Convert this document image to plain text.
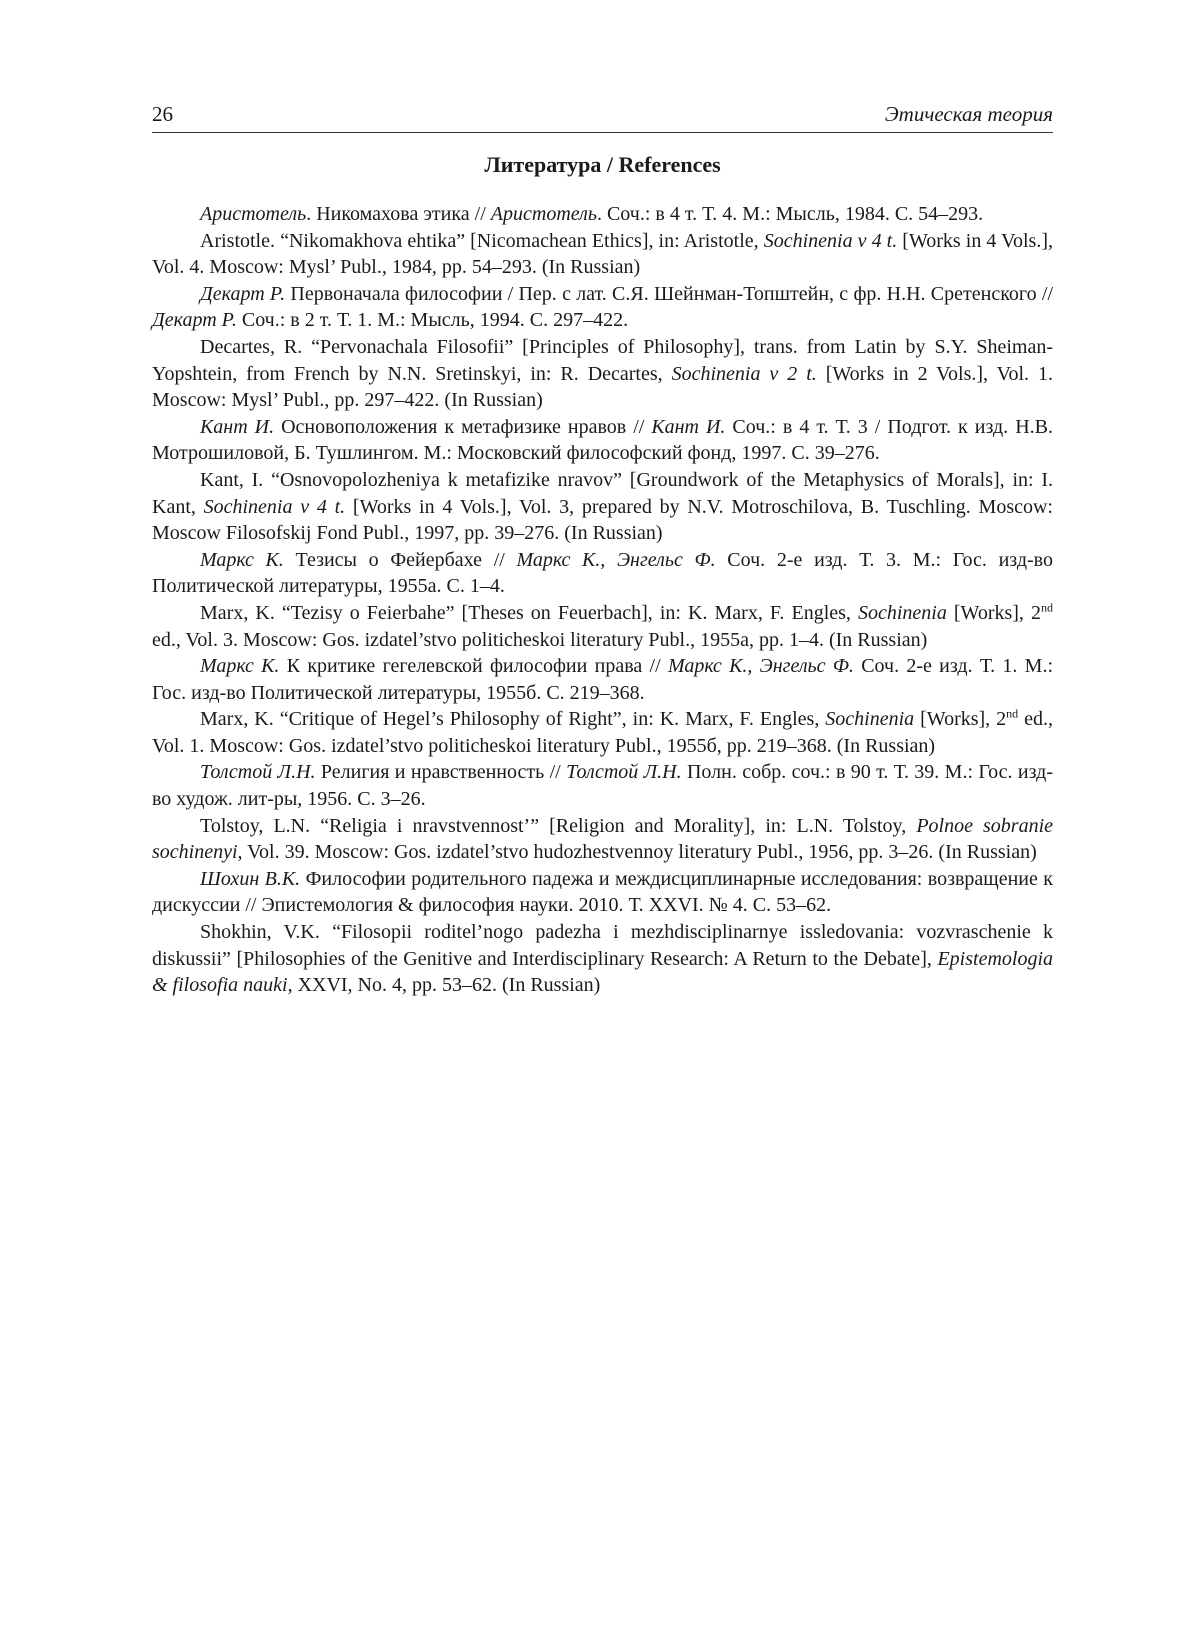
26	Этическая теория
Литература / References

Аристотель. Никомахова этика // Аристотель. Соч.: в 4 т. Т. 4. М.: Мысль, 1984. С. 54–293.

Aristotle. “Nikomakhova ehtika” [Nicomachean Ethics], in: Aristotle, Sochinenia v 4 t. [Works in 4 Vols.], Vol. 4. Moscow: Mysl’ Publ., 1984, pp. 54–293. (In Russian)

Декарт Р. Первоначала философии / Пер. с лат. С.Я. Шейнман-Топштейн, с фр. Н.Н. Сретенского // Декарт Р. Соч.: в 2 т. Т. 1. М.: Мысль, 1994. С. 297–422.

Decartes, R. “Pervonachala Filosofii” [Principles of Philosophy], trans. from Latin by S.Y. Sheiman-Yopshtein, from French by N.N. Sretinskyi, in: R. Decartes, Sochinenia v 2 t. [Works in 2 Vols.], Vol. 1. Moscow: Mysl’ Publ., pp. 297–422. (In Russian)

Кант И. Основоположения к метафизике нравов // Кант И. Соч.: в 4 т. Т. 3 / Подгот. к изд. Н.В. Мотрошиловой, Б. Тушлингом. М.: Московский философский фонд, 1997. С. 39–276.

Kant, I. “Osnovopolozheniya k metafizike nravov” [Groundwork of the Metaphysics of Morals], in: I. Kant, Sochinenia v 4 t. [Works in 4 Vols.], Vol. 3, prepared by N.V. Motroschilova, B. Tuschling. Moscow: Moscow Filosofskij Fond Publ., 1997, pp. 39–276. (In Russian)

Маркс К. Тезисы о Фейербахе // Маркс К., Энгельс Ф. Соч. 2-е изд. Т. 3. М.: Гос. изд-во Политической литературы, 1955а. С. 1–4.

Marx, K. “Tezisy o Feierbahe” [Theses on Feuerbach], in: K. Marx, F. Engles, Sochinenia [Works], 2nd ed., Vol. 3. Moscow: Gos. izdatel’stvo politicheskoi literatury Publ., 1955a, pp. 1–4. (In Russian)

Маркс К. К критике гегелевской философии права // Маркс К., Энгельс Ф. Соч. 2-е изд. Т. 1. М.: Гос. изд-во Политической литературы, 1955б. С. 219–368.

Marx, K. “Critique of Hegel’s Philosophy of Right”, in: K. Marx, F. Engles, Sochinenia [Works], 2nd ed., Vol. 1. Moscow: Gos. izdatel’stvo politicheskoi literatury Publ., 1955б, pp. 219–368. (In Russian)

Толстой Л.Н. Религия и нравственность // Толстой Л.Н. Полн. собр. соч.: в 90 т. Т. 39. М.: Гос. изд-во худож. лит-ры, 1956. С. 3–26.

Tolstoy, L.N. “Religia i nravstvennost’” [Religion and Morality], in: L.N. Tolstoy, Polnoe sobranie sochinenyi, Vol. 39. Moscow: Gos. izdatel’stvo hudozhestvennoy literatury Publ., 1956, pp. 3–26. (In Russian)

Шохин В.К. Философии родительного падежа и междисциплинарные исследования: возвращение к дискуссии // Эпистемология & философия науки. 2010. Т. XXVI. № 4. С. 53–62.

Shokhin, V.K. “Filosopii roditel’nogo padezha i mezhdisciplinarnye issledovania: vozvraschenie k diskussii” [Philosophies of the Genitive and Interdisciplinary Research: A Return to the Debate], Epistemologia & filosofia nauki, XXVI, No. 4, pp. 53–62. (In Russian)
